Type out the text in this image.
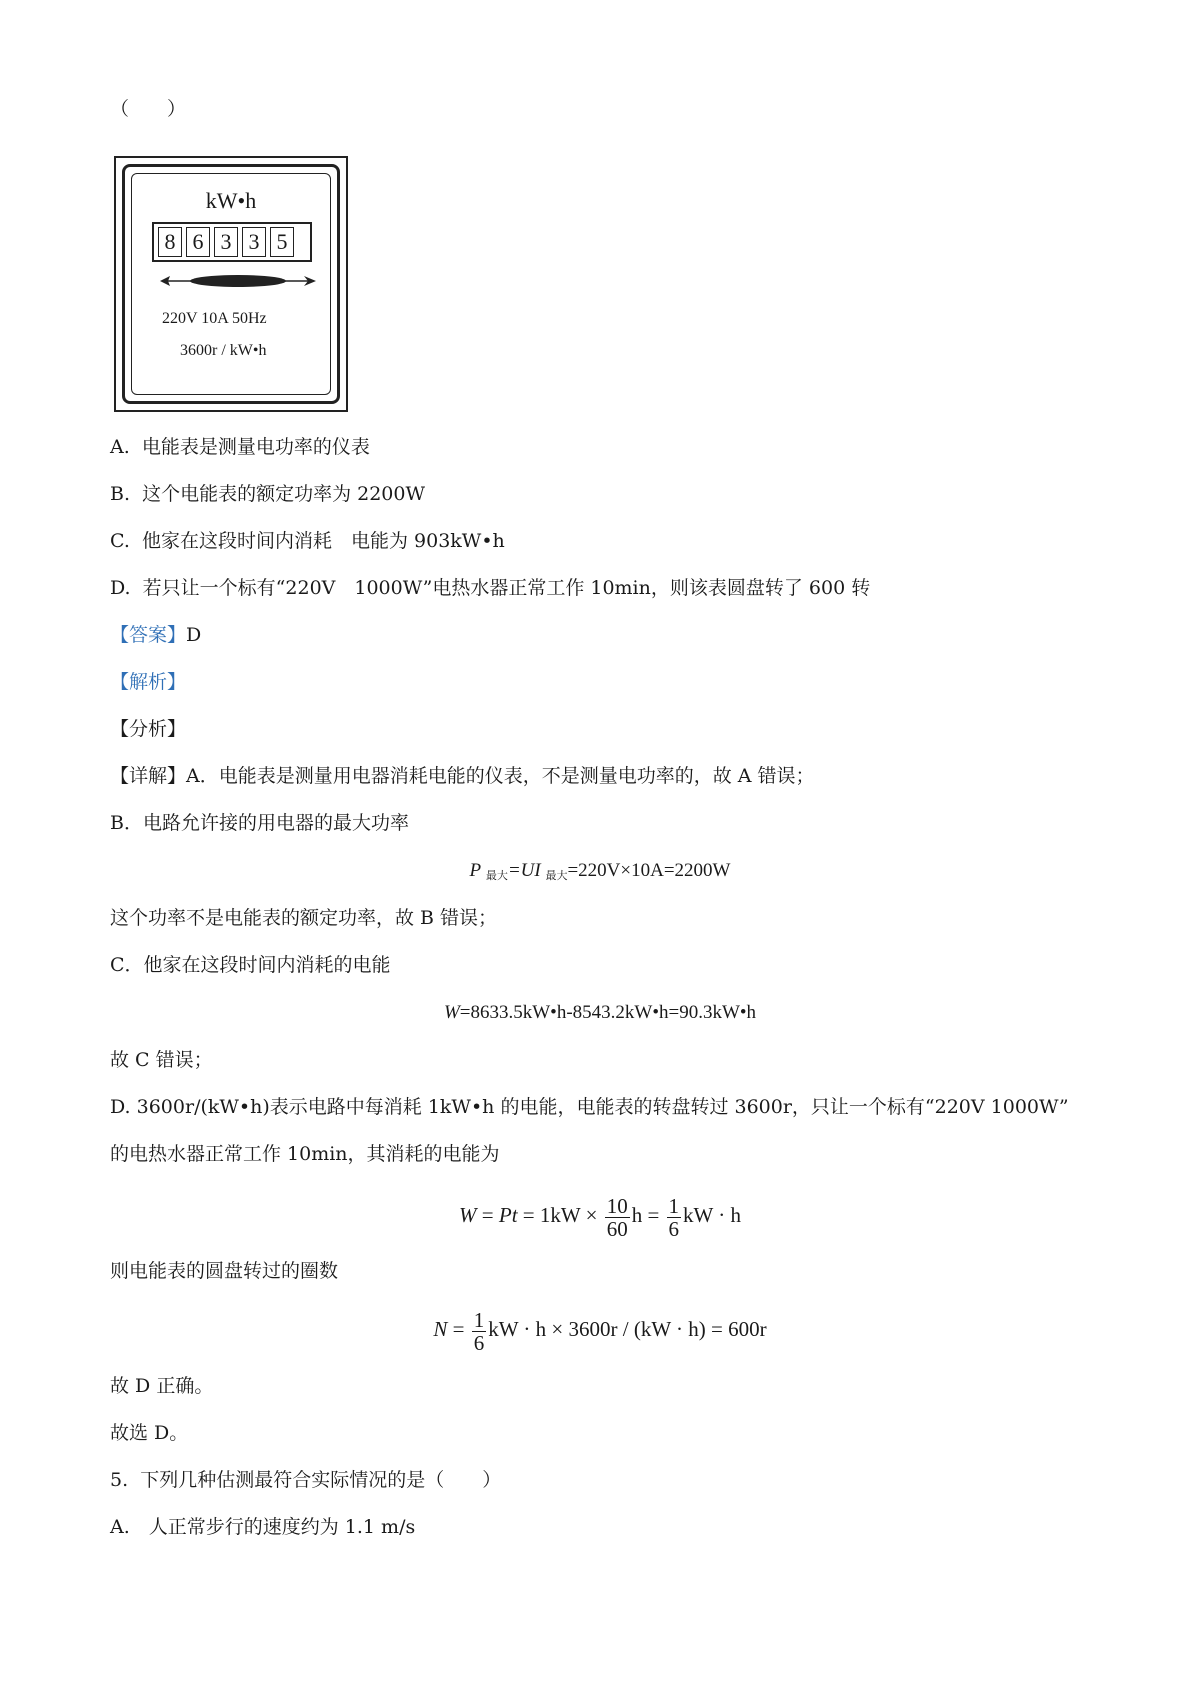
（　　）
kW•h
8 6 3 3 5
220V 10A 50Hz
3600r / kW•h
A.  电能表是测量电功率的仪表
B.  这个电能表的额定功率为 2200W
C.  他家在这段时间内消耗　电能为 903kW•h
D.  若只让一个标有“220V　1000W”电热水器正常工作 10min，则该表圆盘转了 600 转
【答案】D
【解析】
【分析】
【详解】A．电能表是测量用电器消耗电能的仪表，不是测量电功率的，故 A 错误；
B．电路允许接的用电器的最大功率
P $_{最大}$=UI $_{最大}$=220V×10A=2200W
这个功率不是电能表的额定功率，故 B 错误；
C．他家在这段时间内消耗的电能
W=8633.5kW•h-8543.2kW•h=90.3kW•h
故 C 错误；
D. 3600r/(kW•h)表示电路中每消耗 1kW•h 的电能，电能表的转盘转过 3600r，只让一个标有“220V 1000W”
的电热水器正常工作 10min，其消耗的电能为
$W = Pt = 1kW \times \frac{10}{60}$ $h = \frac{1}{6}$ kW · h
则电能表的圆盘转过的圈数
$N = \frac{1}{6}$ kW · h × 3600r / (kW · h) = 600r
故 D 正确。
故选 D。
5.  下列几种估测最符合实际情况的是（　　）
A.　人正常步行的速度约为 1.1 m/s
